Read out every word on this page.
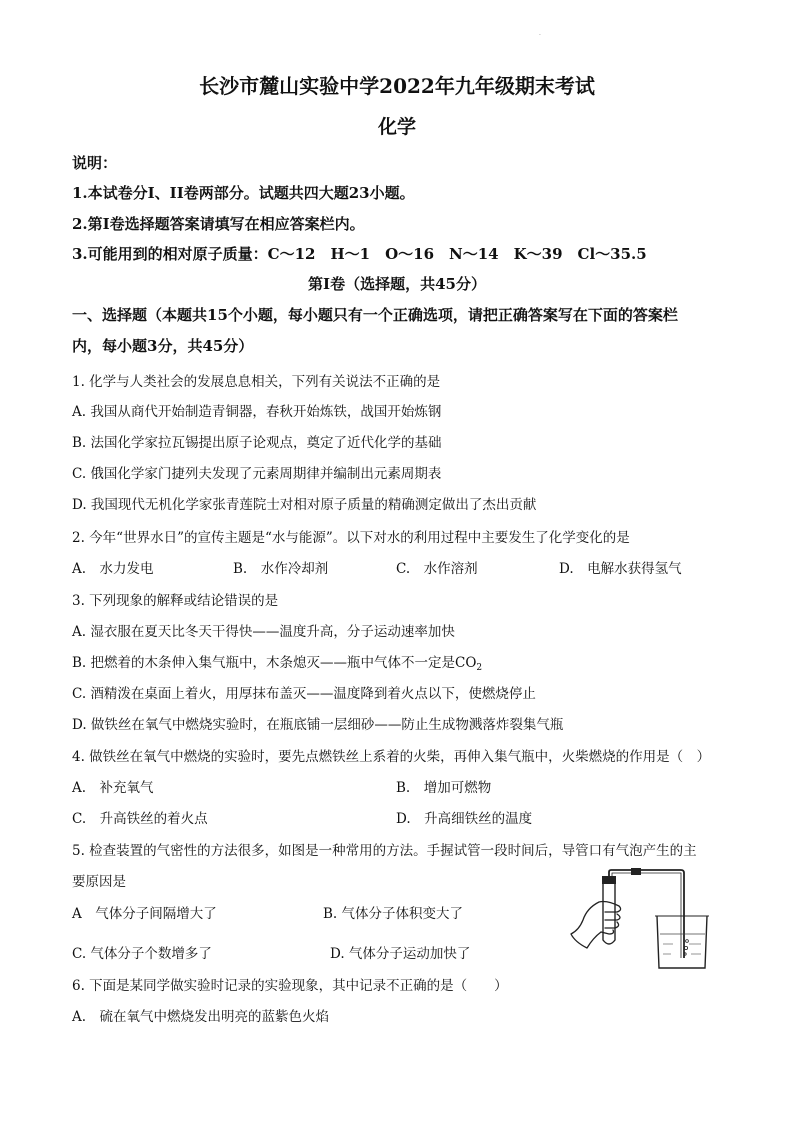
·
长沙市麓山实验中学2022年九年级期末考试
化学
说明：
1.本试卷分I、II卷两部分。试题共四大题23小题。
2.第I卷选择题答案请填写在相应答案栏内。
3.可能用到的相对原子质量：C～12　H～1　O～16　N～14　K～39　Cl～35.5
第I卷（选择题，共45分）
一、选择题（本题共15个小题，每小题只有一个正确选项，请把正确答案写在下面的答案栏
内，每小题3分，共45分）
1. 化学与人类社会的发展息息相关，下列有关说法不正确的是
A. 我国从商代开始制造青铜器，春秋开始炼铁，战国开始炼钢
B. 法国化学家拉瓦锡提出原子论观点，奠定了近代化学的基础
C. 俄国化学家门捷列夫发现了元素周期律并编制出元素周期表
D. 我国现代无机化学家张青莲院士对相对原子质量的精确测定做出了杰出贡献
2. 今年“世界水日”的宣传主题是“水与能源”。以下对水的利用过程中主要发生了化学变化的是
A.　水力发电	B.　水作冷却剂	C.　水作溶剂	D.　电解水获得氢气
3. 下列现象的解释或结论错误的是
A. 湿衣服在夏天比冬天干得快——温度升高，分子运动速率加快
B. 把燃着的木条伸入集气瓶中，木条熄灭——瓶中气体不一定是$CO_2$
C. 酒精泼在桌面上着火，用厚抹布盖灭——温度降到着火点以下，使燃烧停止
D. 做铁丝在氧气中燃烧实验时，在瓶底铺一层细砂——防止生成物溅落炸裂集气瓶
4. 做铁丝在氧气中燃烧的实验时，要先点燃铁丝上系着的火柴，再伸入集气瓶中，火柴燃烧的作用是（　）
A.　补充氧气	B.　增加可燃物
C.　升高铁丝的着火点	D.　升高细铁丝的温度
5. 检查装置的气密性的方法很多，如图是一种常用的方法。手握试管一段时间后，导管口有气泡产生的主
要原因是
A　气体分子间隔增大了	B. 气体分子体积变大了
C. 气体分子个数增多了	D. 气体分子运动加快了
6. 下面是某同学做实验时记录的实验现象，其中记录不正确的是（　　）
A.　硫在氧气中燃烧发出明亮的蓝紫色火焰
